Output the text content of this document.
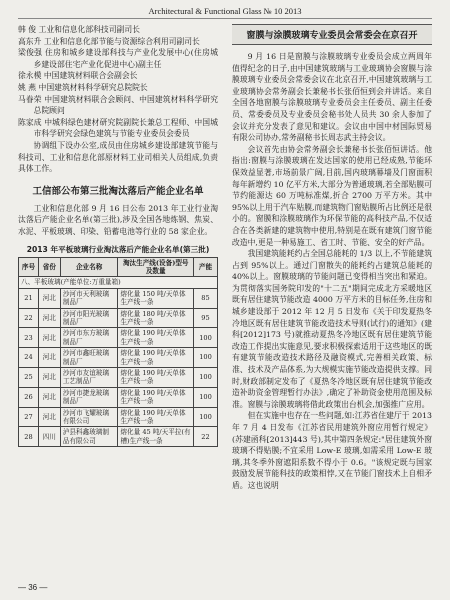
Architectural & Functional Glass № 10 2013

韩 俊 工业和信息化部科技司副司长

高东升 工业和信息化部节能与资源综合利用司副司长

梁俊强 住房和城乡建设部科技与产业化发展中心(住房城乡建设部住宅产业化促进中心)副主任

徐永模 中国建筑材料联合会副会长

姚 燕 中国建筑材料科学研究总院院长

马眷荣 中国建筑材料联合会顾问、中国建筑材料科学研究总院顾问

陈家成 中城科绿色建材研究院副院长兼总工程师、中国城市科学研究会绿色建筑与节能专业委员会委员

协调组下设办公室,成员由住房城乡建设部建筑节能与科技司、工业和信息化部原材料工业司相关人员组成,负责具体工作。

工信部公布第三批淘汰落后产能企业名单

工业和信息化部 9 月 16 日公布 2013 年工业行业淘汰落后产能企业名单(第三批),涉及全国各地炼钢、焦炭、水泥、平板玻璃、印染、铅蓄电池等行业的 58 家企业。

2013 年平板玻璃行业淘汰落后产能企业名单(第三批)
序号	省份	企业名称	淘汰生产线(设备)型号及数量	产能
八、平板玻璃(产能单位:万重量箱)				
21	河北	沙河市天利玻璃制品厂	熔化量 150 吨/天单体生产线一条	85
22	河北	沙河市阳光玻璃制品厂	熔化量 180 吨/天单体生产线一条	95
23	河北	沙河市东方玻璃制品厂	熔化量 190 吨/天单体生产线一条	100
24	河北	沙河市鑫旺玻璃制品厂	熔化量 190 吨/天单体生产线一条	100
25	河北	沙河市友谊玻璃工艺制品厂	熔化量 190 吨/天单体生产线一条	100
26	河北	沙河市捷龙玻璃制品厂	熔化量 190 吨/天单体生产线一条	100
27	河北	沙河市飞耀玻璃有限公司	熔化量 190 吨/天单体生产线一条	100
28	四川	泸县科鑫玻璃制品有限公司	熔化量 45 吨/天平拉(有槽)生产线一条	22
窗膜与涂膜玻璃专业委员会常委会在京召开

9 月 16 日是窗膜与涂膜玻璃专业委员会成立两周年值得纪念的日子,由中国建筑玻璃与工业玻璃协会窗膜与涂膜玻璃专业委员会常委会议在北京召开,中国建筑玻璃与工业玻璃协会常务副会长兼秘书长张佰恒到会并讲话。来自全国各地窗膜与涂膜玻璃专业委员会主任委员、副主任委员、常委委员及专业委员会秘书处人员共 30 余人参加了会议并充分发表了意见和建议。会议由中国中材国际贸易有限公司协办,常务副秘书长周志武主持会议。

会议首先由协会常务副会长兼秘书长张佰恒讲话。他指出:窗膜与涂膜玻璃在发达国家的使用已经成熟,节能环保效益显著,市场前景广阔,目前,国内玻璃幕墙及门窗面积每年新增约 10 亿平方米,大部分为普通玻璃,若全部贴膜可节约能源达 60 万吨标准煤,折合 2700 万平方米。其中 95%以上用于汽车贴膜,而建筑物门窗贴膜所占比例还是很小的。窗膜和涂膜玻璃作为环保节能的高科技产品,不仅适合在各类新建的建筑物中使用,特别是在既有建筑门窗节能改造中,更是一种易施工、省工时、节能、安全的好产品。

我国建筑能耗约占全国总能耗的 1/3 以上,不节能建筑占到 95%以上。通过门窗散失的能耗约占建筑总能耗的 40%以上。窗膜玻璃的节能问题已变得相当突出和紧迫。为贯彻落实国务院印发的"十二五"期间完成北方采暖地区既有居住建筑节能改造 4000 万平方米的目标任务,住房和城乡建设部于 2012 年 12 月 5 日发布《关于印发夏热冬冷地区既有居住建筑节能改造技术导则(试行)的通知》(建科[2012]173 号)就推动夏热冬冷地区既有居住建筑节能改造工作提出实施意见,要求积极探索适用于这些地区的既有建筑节能改造技术路径及融资模式,完善相关政策、标准、技术及产品体系,为大规模实施节能改造提供支撑。同时,财政部制定发布了《夏热冬冷地区既有居住建筑节能改造补助资金管理暂行办法》,确定了补助资金使用范围及标准。窗膜与涂膜玻璃将借此政策出台机会,加强推广应用。

但在实施中也存在一些问题,如:江苏省住建厅于 2013 年 7 月 4 日发布《江苏省民用建筑外窗应用暂行规定》(苏建函科[2013]443 号),其中第四条规定:"居住建筑外窗玻璃不得贴膜;不宜采用 Low-E 玻璃,如需采用 Low-E 玻璃,其冬季外窗遮阳系数不得小于 0.6。"该规定既与国家鼓励发展节能科技的政策相悖,又在节能门窗技术上自相矛盾。这也说明

— 36 —
